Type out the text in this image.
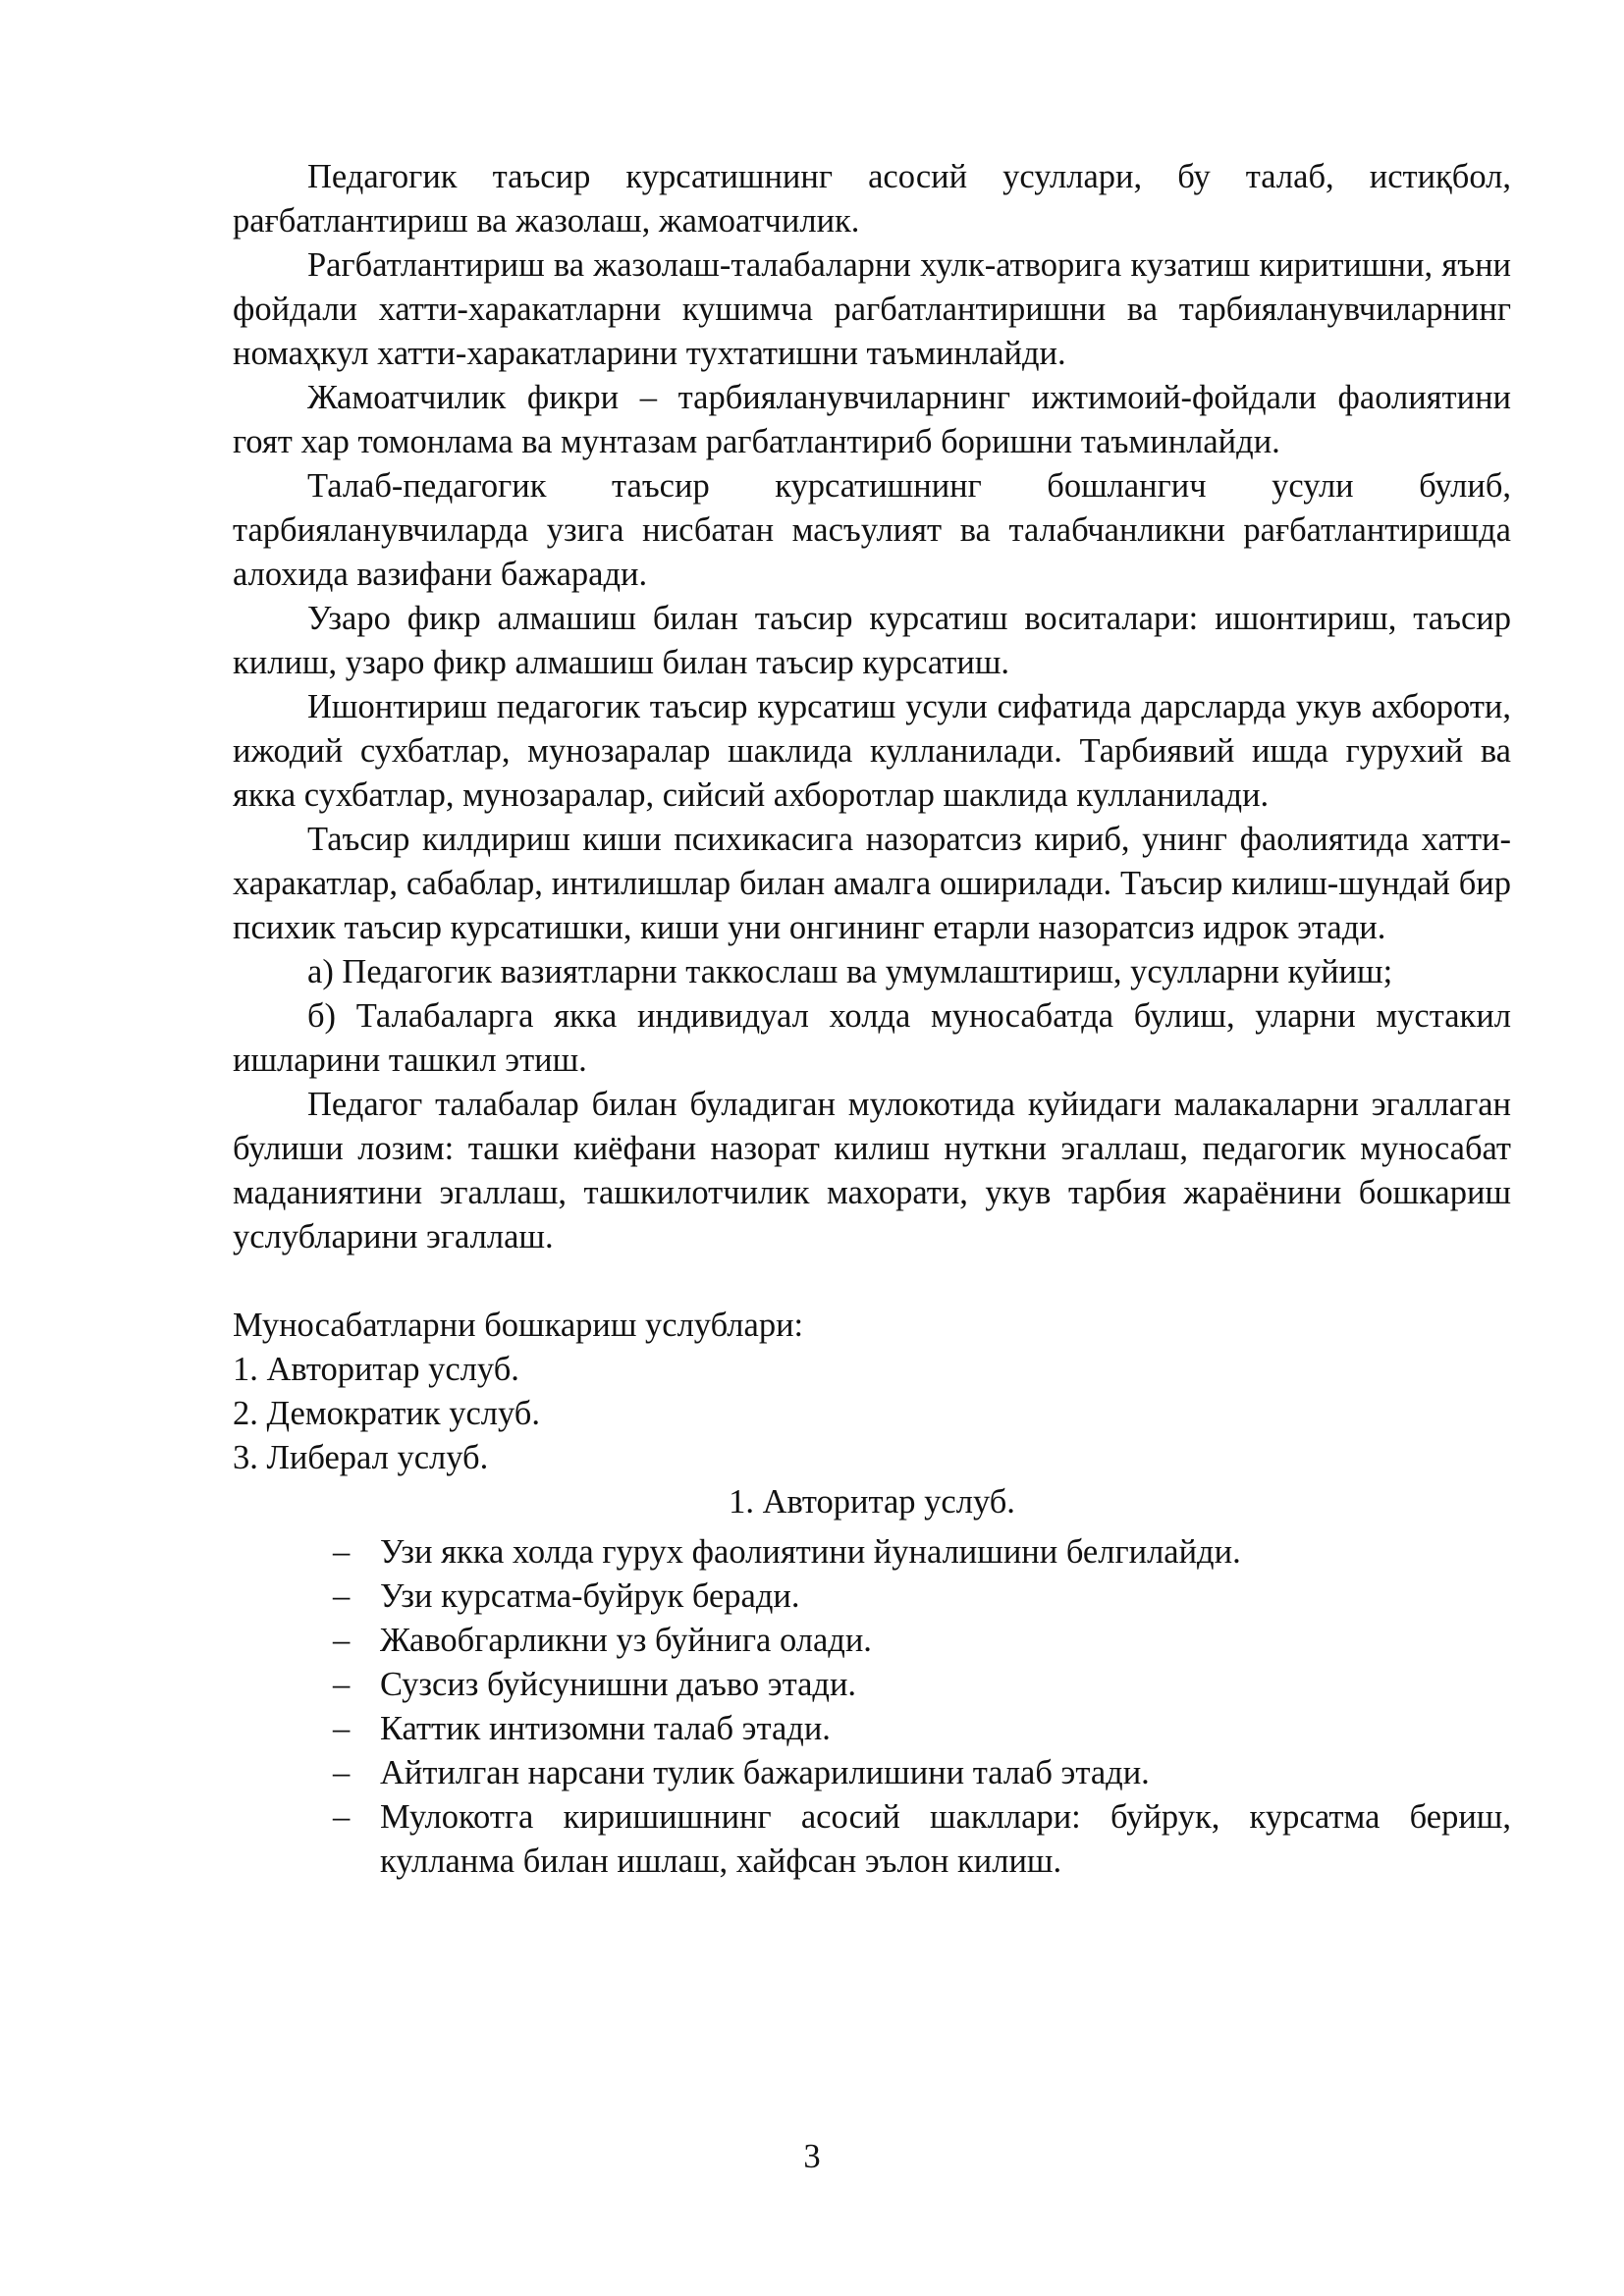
Педагогик таъсир курсатишнинг асосий усуллари, бу талаб, истиқбол, рағбатлантириш ва жазолаш, жамоатчилик.

Рагбатлантириш ва жазолаш-талабаларни хулк-атворига кузатиш киритишни, яъни фойдали хатти-харакатларни кушимча рагбатлантиришни ва тарбияланувчиларнинг номаҳкул хатти-харакатларини тухтатишни таъминлайди.

Жамоатчилик фикри – тарбияланувчиларнинг ижтимоий-фойдали фаолиятини гоят хар томонлама ва мунтазам рагбатлантириб боришни таъминлайди.

Талаб-педагогик таъсир курсатишнинг бошлангич усули булиб, тарбияланувчиларда узига нисбатан масъулият ва талабчанликни рағбатлантиришда алохида вазифани бажаради.

Узаро фикр алмашиш билан таъсир курсатиш воситалари: ишонтириш, таъсир килиш, узаро фикр алмашиш билан таъсир курсатиш.

Ишонтириш педагогик таъсир курсатиш усули сифатида дарсларда укув ахбороти, ижодий сухбатлар, мунозаралар шаклида кулланилади. Тарбиявий ишда гурухий ва якка сухбатлар, мунозаралар, сийсий ахборотлар шаклида кулланилади.

Таъсир килдириш киши психикасига назоратсиз кириб, унинг фаолиятида хатти-харакатлар, сабаблар, интилишлар билан амалга оширилади. Таъсир килиш-шундай бир психик таъсир курсатишки, киши уни онгининг етарли назоратсиз идрок этади.

а) Педагогик вазиятларни таккослаш ва умумлаштириш, усулларни куйиш;

б) Талабаларга якка индивидуал холда муносабатда булиш, уларни мустакил ишларини ташкил этиш.

Педагог талабалар билан буладиган мулокотида куйидаги малакаларни эгаллаган булиши лозим: ташки киёфани назорат килиш нуткни эгаллаш, педагогик муносабат маданиятини эгаллаш, ташкилотчилик махорати, укув тарбия жараёнини бошкариш услубларини эгаллаш.

Муносабатларни бошкариш услублари:

1. Авторитар услуб.

2. Демократик услуб.

3. Либерал услуб.

1. Авторитар услуб.

– Узи якка холда гурух фаолиятини йуналишини белгилайди.
– Узи курсатма-буйрук беради.
– Жавобгарликни уз буйнига олади.
– Сузсиз буйсунишни даъво этади.
– Каттик интизомни талаб этади.
– Айтилган нарсани тулик бажарилишини талаб этади.
– Мулокотга киришишнинг асосий шакллари: буйрук, курсатма бериш, кулланма билан ишлаш, хайфсан эълон килиш.
3
